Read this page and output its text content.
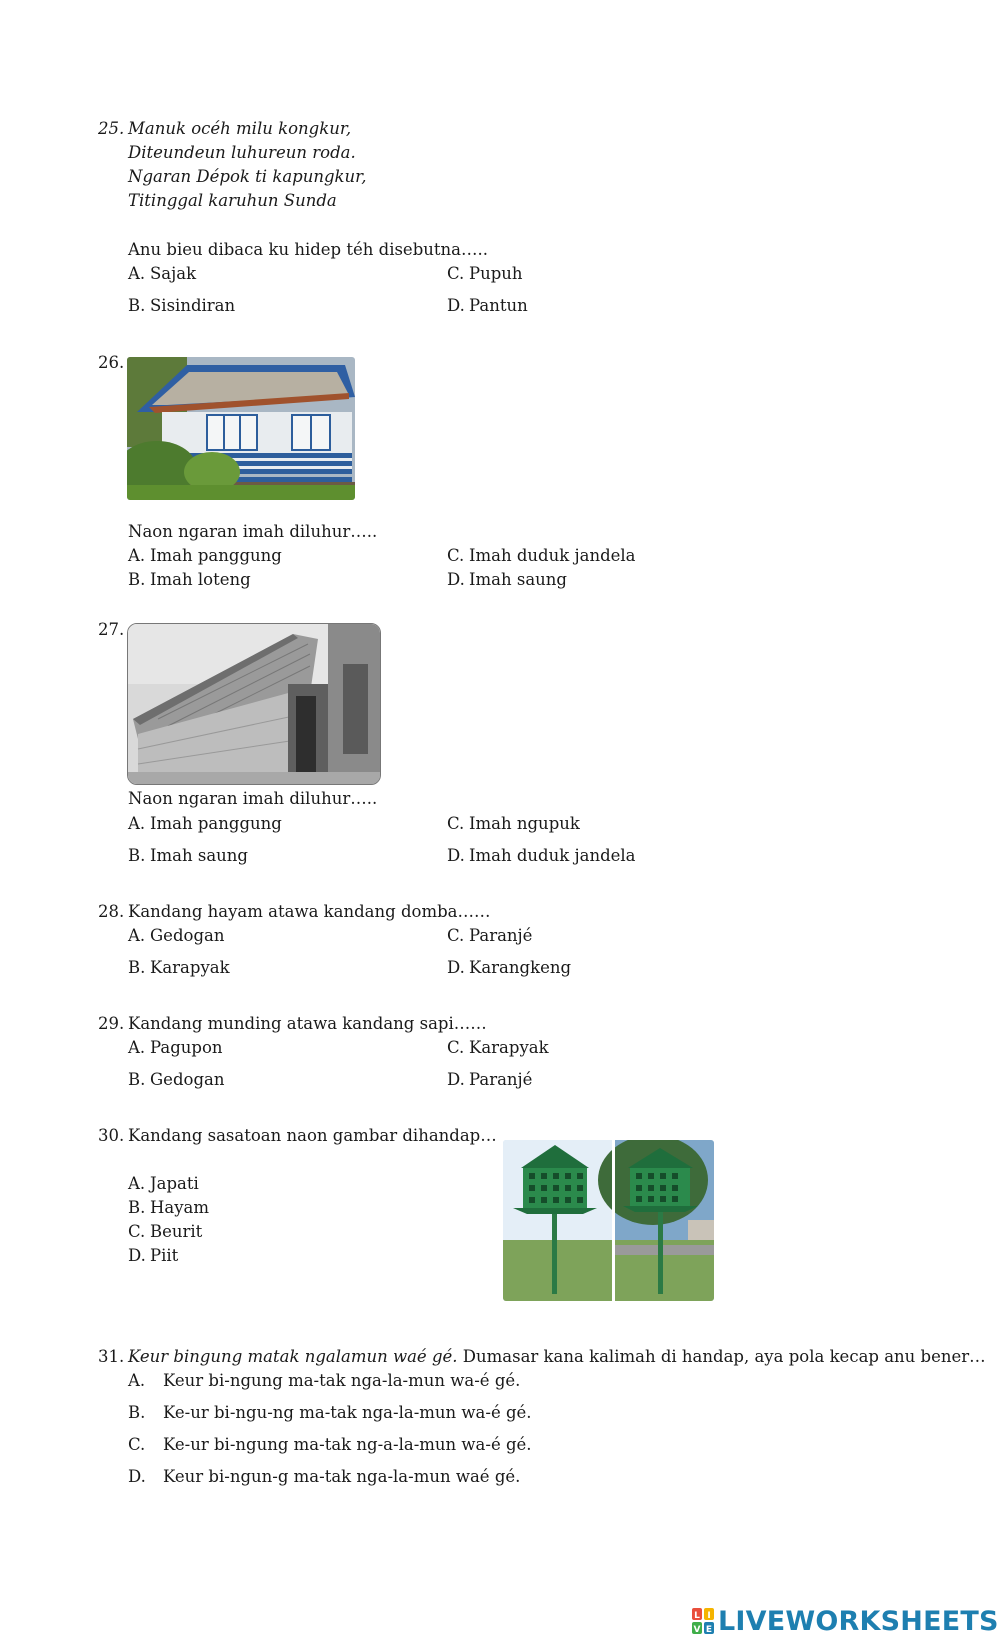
25. Manuk océh milu kongkur,
Diteundeun luhureun roda.
Ngaran Dépok ti kapungkur,
Titinggal karuhun Sunda
Anu bieu dibaca ku hidep téh disebutna…..
A. Sajak
B. Sisindiran
C. Pupuh
D. Pantun
26.
Naon ngaran imah diluhur…..
A. Imah panggung
B. Imah loteng
C. Imah duduk jandela
D. Imah saung
27.
Naon ngaran imah diluhur…..
A. Imah panggung
B. Imah saung
C. Imah ngupuk
D. Imah duduk jandela
28. Kandang hayam atawa kandang domba……
A. Gedogan
B. Karapyak
C. Paranjé
D. Karangkeng
29. Kandang munding atawa kandang sapi……
A. Pagupon
B. Gedogan
C. Karapyak
D. Paranjé
30. Kandang sasatoan naon gambar dihandap…
A. Japati
B. Hayam
C. Beurit
D. Piit
31. Keur bingung matak ngalamun waé gé. Dumasar kana kalimah di handap, aya pola kecap anu bener…
A. Keur bi-ngung ma-tak nga-la-mun wa-é gé.
B. Ke-ur bi-ngu-ng ma-tak nga-la-mun wa-é gé.
C. Ke-ur bi-ngung ma-tak ng-a-la-mun wa-é gé.
D. Keur bi-ngun-g ma-tak nga-la-mun waé gé.
L I
V E LIVEWORKSHEETS
